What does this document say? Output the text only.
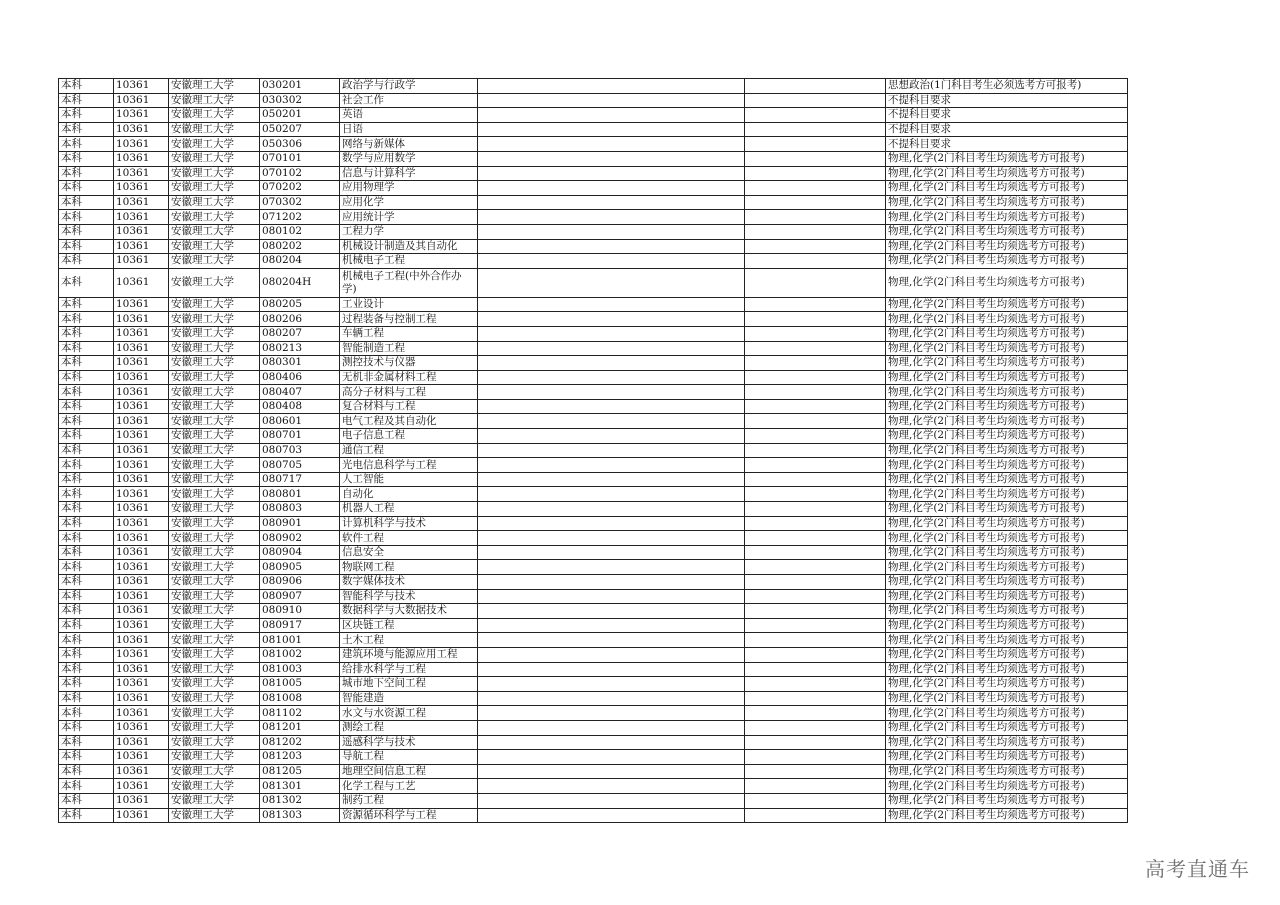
本科	10361	安徽理工大学	030201	政治学与行政学			思想政治(1门科目考生必须选考方可报考)
本科	10361	安徽理工大学	030302	社会工作			不提科目要求
本科	10361	安徽理工大学	050201	英语			不提科目要求
本科	10361	安徽理工大学	050207	日语			不提科目要求
本科	10361	安徽理工大学	050306	网络与新媒体			不提科目要求
本科	10361	安徽理工大学	070101	数学与应用数学			物理,化学(2门科目考生均须选考方可报考)
本科	10361	安徽理工大学	070102	信息与计算科学			物理,化学(2门科目考生均须选考方可报考)
本科	10361	安徽理工大学	070202	应用物理学			物理,化学(2门科目考生均须选考方可报考)
本科	10361	安徽理工大学	070302	应用化学			物理,化学(2门科目考生均须选考方可报考)
本科	10361	安徽理工大学	071202	应用统计学			物理,化学(2门科目考生均须选考方可报考)
本科	10361	安徽理工大学	080102	工程力学			物理,化学(2门科目考生均须选考方可报考)
本科	10361	安徽理工大学	080202	机械设计制造及其自动化			物理,化学(2门科目考生均须选考方可报考)
本科	10361	安徽理工大学	080204	机械电子工程			物理,化学(2门科目考生均须选考方可报考)
本科	10361	安徽理工大学	080204H	机械电子工程(中外合作办学)			物理,化学(2门科目考生均须选考方可报考)
本科	10361	安徽理工大学	080205	工业设计			物理,化学(2门科目考生均须选考方可报考)
本科	10361	安徽理工大学	080206	过程装备与控制工程			物理,化学(2门科目考生均须选考方可报考)
本科	10361	安徽理工大学	080207	车辆工程			物理,化学(2门科目考生均须选考方可报考)
本科	10361	安徽理工大学	080213	智能制造工程			物理,化学(2门科目考生均须选考方可报考)
本科	10361	安徽理工大学	080301	测控技术与仪器			物理,化学(2门科目考生均须选考方可报考)
本科	10361	安徽理工大学	080406	无机非金属材料工程			物理,化学(2门科目考生均须选考方可报考)
本科	10361	安徽理工大学	080407	高分子材料与工程			物理,化学(2门科目考生均须选考方可报考)
本科	10361	安徽理工大学	080408	复合材料与工程			物理,化学(2门科目考生均须选考方可报考)
本科	10361	安徽理工大学	080601	电气工程及其自动化			物理,化学(2门科目考生均须选考方可报考)
本科	10361	安徽理工大学	080701	电子信息工程			物理,化学(2门科目考生均须选考方可报考)
本科	10361	安徽理工大学	080703	通信工程			物理,化学(2门科目考生均须选考方可报考)
本科	10361	安徽理工大学	080705	光电信息科学与工程			物理,化学(2门科目考生均须选考方可报考)
本科	10361	安徽理工大学	080717	人工智能			物理,化学(2门科目考生均须选考方可报考)
本科	10361	安徽理工大学	080801	自动化			物理,化学(2门科目考生均须选考方可报考)
本科	10361	安徽理工大学	080803	机器人工程			物理,化学(2门科目考生均须选考方可报考)
本科	10361	安徽理工大学	080901	计算机科学与技术			物理,化学(2门科目考生均须选考方可报考)
本科	10361	安徽理工大学	080902	软件工程			物理,化学(2门科目考生均须选考方可报考)
本科	10361	安徽理工大学	080904	信息安全			物理,化学(2门科目考生均须选考方可报考)
本科	10361	安徽理工大学	080905	物联网工程			物理,化学(2门科目考生均须选考方可报考)
本科	10361	安徽理工大学	080906	数字媒体技术			物理,化学(2门科目考生均须选考方可报考)
本科	10361	安徽理工大学	080907	智能科学与技术			物理,化学(2门科目考生均须选考方可报考)
本科	10361	安徽理工大学	080910	数据科学与大数据技术			物理,化学(2门科目考生均须选考方可报考)
本科	10361	安徽理工大学	080917	区块链工程			物理,化学(2门科目考生均须选考方可报考)
本科	10361	安徽理工大学	081001	土木工程			物理,化学(2门科目考生均须选考方可报考)
本科	10361	安徽理工大学	081002	建筑环境与能源应用工程			物理,化学(2门科目考生均须选考方可报考)
本科	10361	安徽理工大学	081003	给排水科学与工程			物理,化学(2门科目考生均须选考方可报考)
本科	10361	安徽理工大学	081005	城市地下空间工程			物理,化学(2门科目考生均须选考方可报考)
本科	10361	安徽理工大学	081008	智能建造			物理,化学(2门科目考生均须选考方可报考)
本科	10361	安徽理工大学	081102	水文与水资源工程			物理,化学(2门科目考生均须选考方可报考)
本科	10361	安徽理工大学	081201	测绘工程			物理,化学(2门科目考生均须选考方可报考)
本科	10361	安徽理工大学	081202	遥感科学与技术			物理,化学(2门科目考生均须选考方可报考)
本科	10361	安徽理工大学	081203	导航工程			物理,化学(2门科目考生均须选考方可报考)
本科	10361	安徽理工大学	081205	地理空间信息工程			物理,化学(2门科目考生均须选考方可报考)
本科	10361	安徽理工大学	081301	化学工程与工艺			物理,化学(2门科目考生均须选考方可报考)
本科	10361	安徽理工大学	081302	制药工程			物理,化学(2门科目考生均须选考方可报考)
本科	10361	安徽理工大学	081303	资源循环科学与工程			物理,化学(2门科目考生均须选考方可报考)
高考直通车
